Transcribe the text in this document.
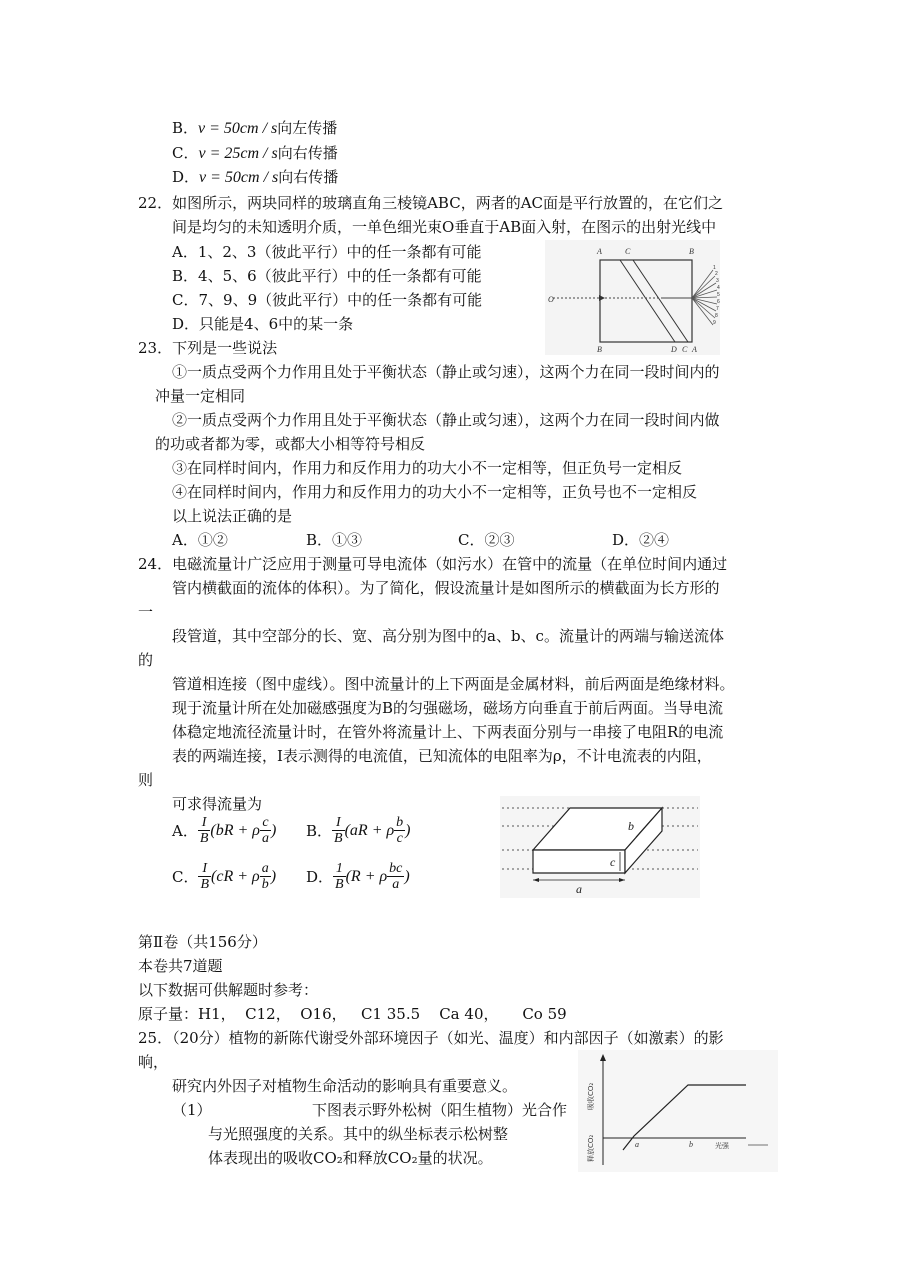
B．v = 50cm / s向左传播
C．v = 25cm / s向右传播
D．v = 50cm / s向右传播
22．如图所示，两块同样的玻璃直角三棱镜ABC，两者的AC面是平行放置的，在它们之
间是均匀的未知透明介质，一单色细光束O垂直于AB面入射，在图示的出射光线中
A．1、2、3（彼此平行）中的任一条都有可能
B．4、5、6（彼此平行）中的任一条都有可能
C．7、9、9（彼此平行）中的任一条都有可能
D．只能是4、6中的某一条
A	C	B
B	D C A
O
1
2
3
4
5
6
7
8
9
23．下列是一些说法
①一质点受两个力作用且处于平衡状态（静止或匀速），这两个力在同一段时间内的
冲量一定相同
②一质点受两个力作用且处于平衡状态（静止或匀速），这两个力在同一段时间内做
的功或者都为零，或都大小相等符号相反
③在同样时间内，作用力和反作用力的功大小不一定相等，但正负号一定相反
④在同样时间内，作用力和反作用力的功大小不一定相等，正负号也不一定相反
以上说法正确的是
A．①②	B．①③	C．②③	D．②④
24．电磁流量计广泛应用于测量可导电流体（如污水）在管中的流量（在单位时间内通过
管内横截面的流体的体积）。为了简化，假设流量计是如图所示的横截面为长方形的
一
段管道，其中空部分的长、宽、高分别为图中的a、b、c。流量计的两端与输送流体
的
管道相连接（图中虚线）。图中流量计的上下两面是金属材料，前后两面是绝缘材料。
现于流量计所在处加磁感强度为B的匀强磁场，磁场方向垂直于前后两面。当导电流
体稳定地流径流量计时，在管外将流量计上、下两表面分别与一串接了电阻R的电流
表的两端连接，I表示测得的电流值，已知流体的电阻率为ρ，不计电流表的内阻，
则
可求得流量为
A． $\frac{I}{B} (bR + \rho \frac{c}{a}$ ) B． $\frac{I}{B} (aR + \rho \frac{b}{c}$ )
C． $\frac{I}{B} (cR + \rho \frac{a}{b}$ ) D． $\frac{1}{B} (R + \rho \frac{bc}{a}$ )
b
c
a
第Ⅱ卷（共156分）
本卷共7道题
以下数据可供解题时参考：
原子量：H1，  C12，  O16，   C1 35.5    Ca 40，     Co 59
25．（20分）植物的新陈代谢受外部环境因子（如光、温度）和内部因子（如激素）的影
响，
研究内外因子对植物生命活动的影响具有重要意义。
（1）	下图表示野外松树（阳生植物）光合作
与光照强度的关系。其中的纵坐标表示松树整
体表现出的吸收CO₂和释放CO₂量的状况。
吸收CO₂
释放CO₂	光强
a	b
